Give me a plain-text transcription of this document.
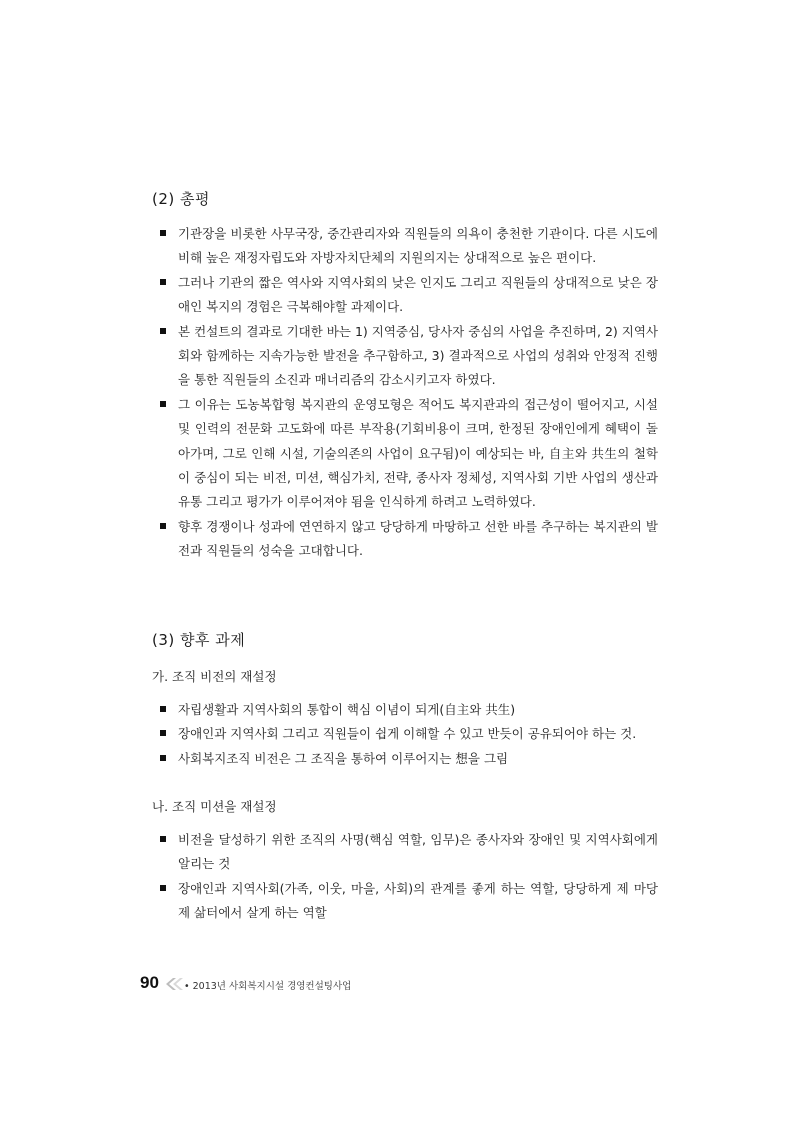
(2) 총평
기관장을 비롯한 사무국장, 중간관리자와 직원들의 의욕이 충천한 기관이다. 다른 시도에 비해 높은 재정자립도와 자방자치단체의 지원의지는 상대적으로 높은 편이다.
그러나 기관의 짧은 역사와 지역사회의 낮은 인지도 그리고 직원들의 상대적으로 낮은 장애인 복지의 경험은 극복해야할 과제이다.
본 컨설트의 결과로 기대한 바는 1) 지역중심, 당사자 중심의 사업을 추진하며, 2) 지역사회와 함께하는 지속가능한 발전을 추구함하고, 3) 결과적으로 사업의 성취와 안정적 진행을 통한 직원들의 소진과 매너리즘의 감소시키고자 하였다.
그 이유는 도농복합형 복지관의 운영모형은 적어도 복지관과의 접근성이 떨어지고, 시설 및 인력의 전문화 고도화에 따른 부작용(기회비용이 크며, 한정된 장애인에게 혜택이 돌아가며, 그로 인해 시설, 기술의존의 사업이 요구됨)이 예상되는 바, 自主와 共生의 철학이 중심이 되는 비전, 미션, 핵심가치, 전략, 종사자 정체성, 지역사회 기반 사업의 생산과 유통 그리고 평가가 이루어져야 됨을 인식하게 하려고 노력하였다.
향후 경쟁이나 성과에 연연하지 않고 당당하게 마땅하고 선한 바를 추구하는 복지관의 발전과 직원들의 성숙을 고대합니다.
(3) 향후 과제
가. 조직 비전의 재설정
자립생활과 지역사회의 통합이 핵심 이념이 되게(自主와 共生)
장애인과 지역사회 그리고 직원들이 쉽게 이해할 수 있고 반듯이 공유되어야 하는 것.
사회복지조직 비전은 그 조직을 통하여 이루어지는 想을 그림
나. 조직 미션을 재설정
비전을 달성하기 위한 조직의 사명(핵심 역할, 임무)은 종사자와 장애인 및 지역사회에게 알리는 것
장애인과 지역사회(가족, 이웃, 마을, 사회)의 관계를 좋게 하는 역할, 당당하게 제 마당 제 삶터에서 살게 하는 역할
90	• 2013년 사회복지시설 경영컨설팅사업
